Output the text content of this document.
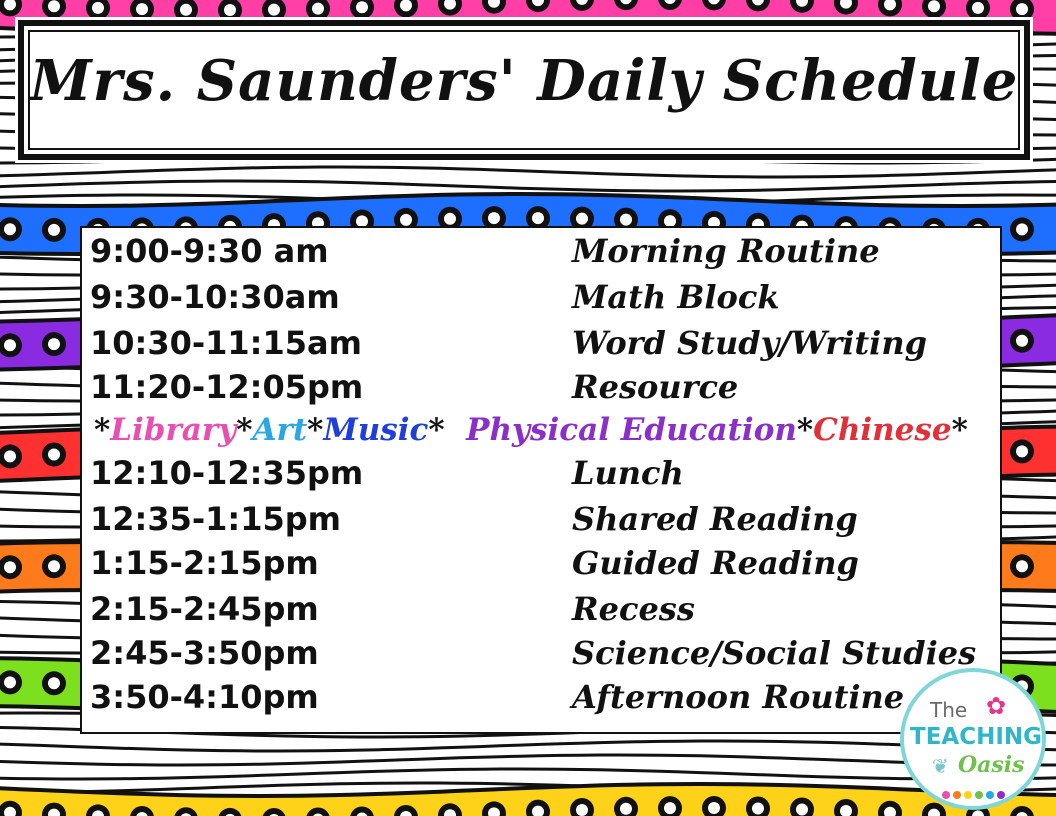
Mrs. Saunders' Daily Schedule
9:00-9:30 am	Morning Routine
9:30-10:30am	Math Block
10:30-11:15am	Word Study/Writing
11:20-12:05pm	Resource
*Library*Art*Music* Physical Education*Chinese*
12:10-12:35pm	Lunch
12:35-1:15pm	Shared Reading
1:15-2:15pm	Guided Reading
2:15-2:45pm	Recess
2:45-3:50pm	Science/Social Studies
3:50-4:10pm	Afternoon Routine The ✿
TEACHING
❦ Oasis
